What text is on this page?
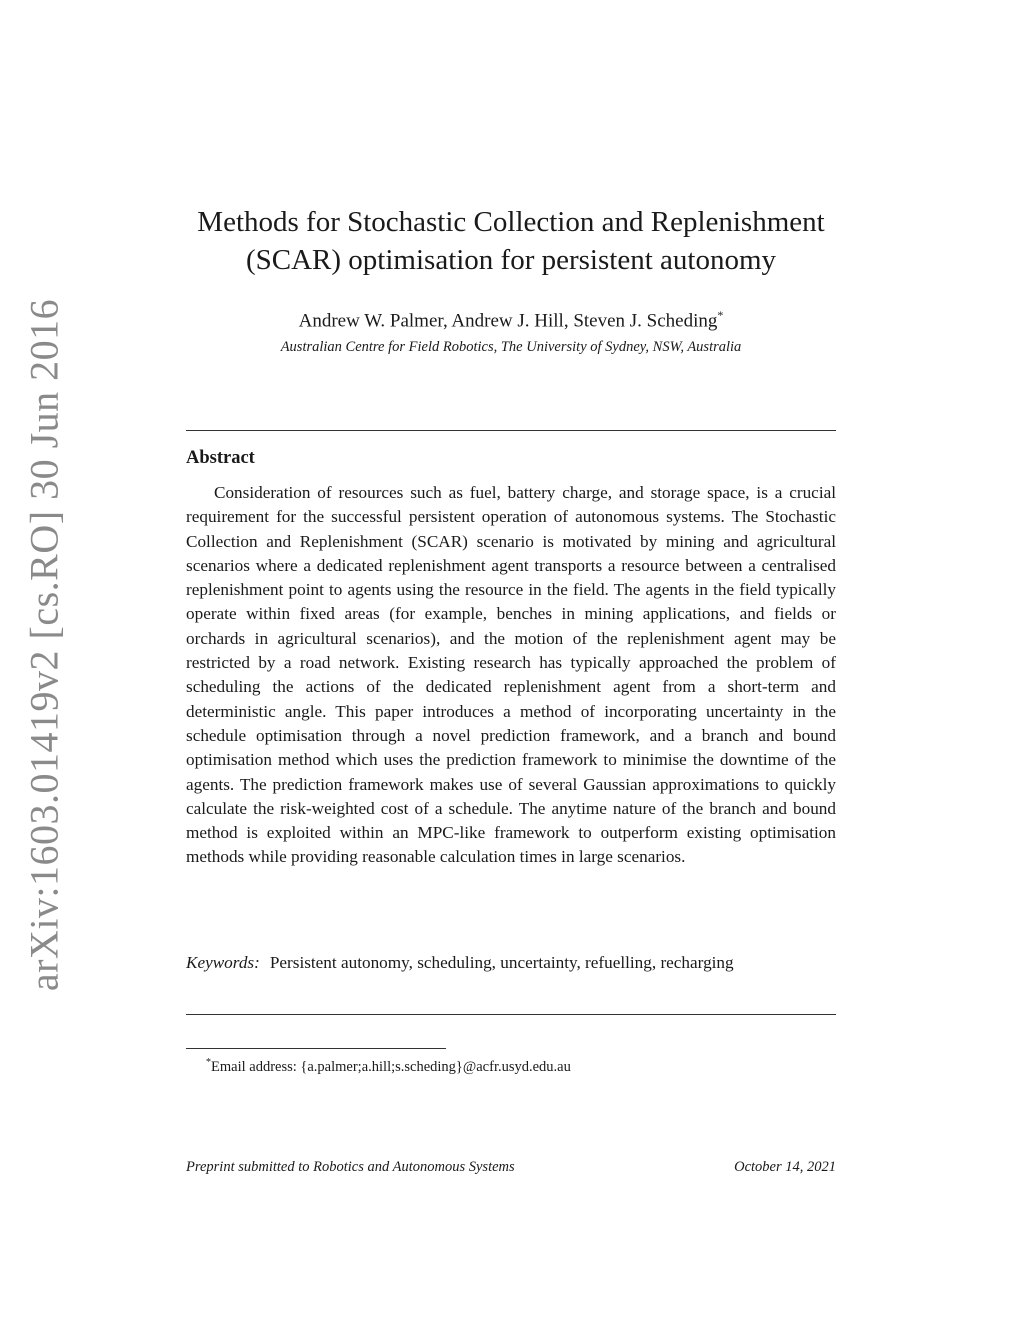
arXiv:1603.01419v2 [cs.RO] 30 Jun 2016
Methods for Stochastic Collection and Replenishment
(SCAR) optimisation for persistent autonomy
Andrew W. Palmer, Andrew J. Hill, Steven J. Scheding*
Australian Centre for Field Robotics, The University of Sydney, NSW, Australia
Abstract
Consideration of resources such as fuel, battery charge, and storage space, is a crucial requirement for the successful persistent operation of autonomous systems. The Stochastic Collection and Replenishment (SCAR) scenario is motivated by mining and agricultural scenarios where a dedicated replenishment agent transports a resource between a centralised replenishment point to agents using the resource in the field. The agents in the field typically operate within fixed areas (for example, benches in mining applications, and fields or orchards in agricultural scenarios), and the motion of the replenishment agent may be restricted by a road network. Existing research has typically approached the problem of scheduling the actions of the dedicated replenishment agent from a short-term and deterministic angle. This paper introduces a method of incorporating uncertainty in the schedule optimisation through a novel prediction framework, and a branch and bound optimisation method which uses the prediction framework to minimise the downtime of the agents. The prediction framework makes use of several Gaussian approximations to quickly calculate the risk-weighted cost of a schedule. The anytime nature of the branch and bound method is exploited within an MPC-like framework to outperform existing optimisation methods while providing reasonable calculation times in large scenarios.
Keywords: Persistent autonomy, scheduling, uncertainty, refuelling, recharging
*Email address: {a.palmer;a.hill;s.scheding}@acfr.usyd.edu.au
Preprint submitted to Robotics and Autonomous Systems	October 14, 2021
